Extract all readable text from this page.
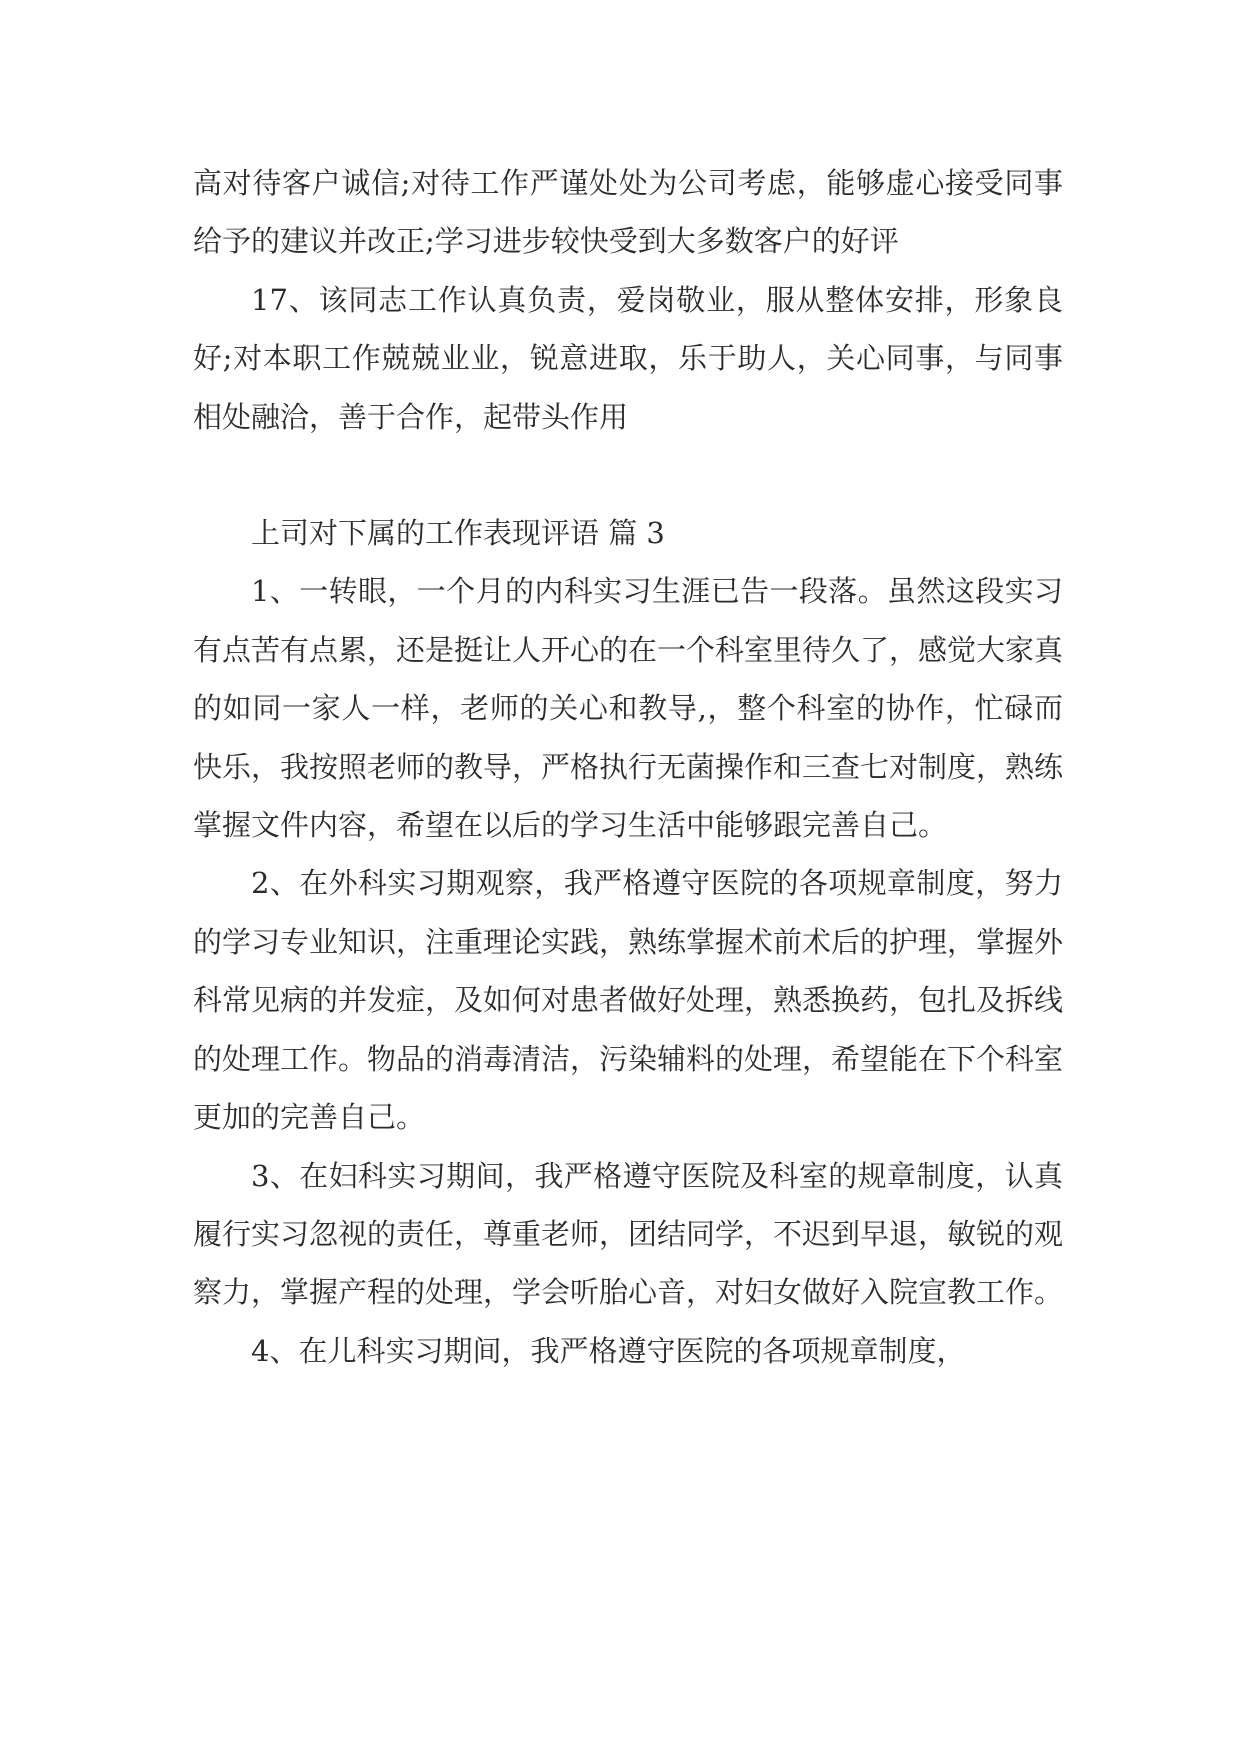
高对待客户诚信;对待工作严谨处处为公司考虑，能够虚心接受同事给予的建议并改正;学习进步较快受到大多数客户的好评

17、该同志工作认真负责，爱岗敬业，服从整体安排，形象良好;对本职工作兢兢业业，锐意进取，乐于助人，关心同事，与同事相处融洽，善于合作，起带头作用

上司对下属的工作表现评语 篇 3

1、一转眼，一个月的内科实习生涯已告一段落。虽然这段实习有点苦有点累，还是挺让人开心的在一个科室里待久了，感觉大家真的如同一家人一样，老师的关心和教导,，整个科室的协作，忙碌而快乐，我按照老师的教导，严格执行无菌操作和三查七对制度，熟练掌握文件内容，希望在以后的学习生活中能够跟完善自己。

2、在外科实习期观察，我严格遵守医院的各项规章制度，努力的学习专业知识，注重理论实践，熟练掌握术前术后的护理，掌握外科常见病的并发症，及如何对患者做好处理，熟悉换药，包扎及拆线的处理工作。物品的消毒清洁，污染辅料的处理，希望能在下个科室更加的完善自己。

3、在妇科实习期间，我严格遵守医院及科室的规章制度，认真履行实习忽视的责任，尊重老师，团结同学，不迟到早退，敏锐的观察力，掌握产程的处理，学会听胎心音，对妇女做好入院宣教工作。

4、在儿科实习期间，我严格遵守医院的各项规章制度，
